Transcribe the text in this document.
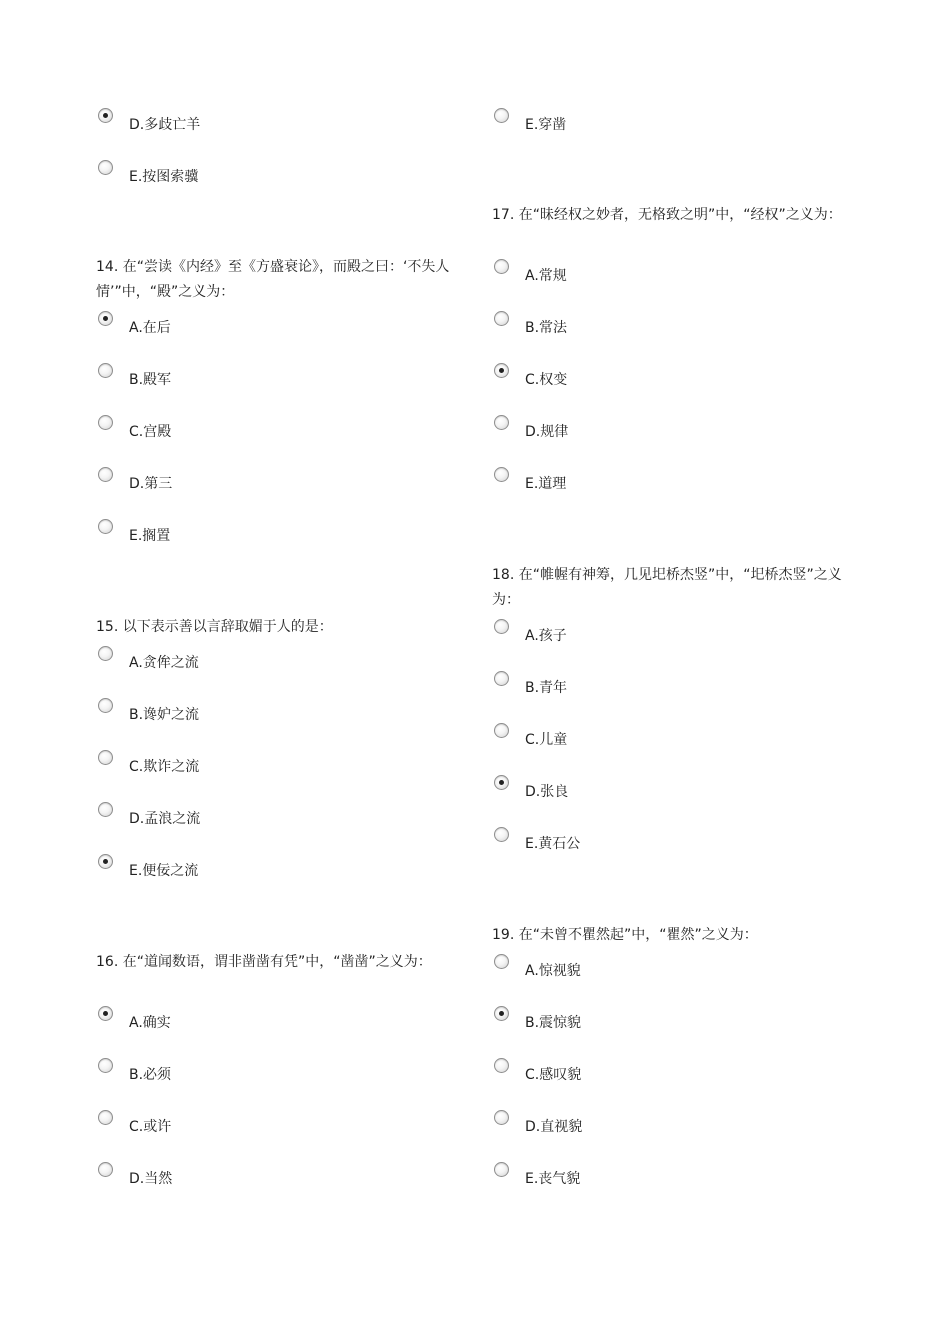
D.多歧亡羊
E.按图索骥
14. 在“尝读《内经》至《方盛衰论》，而殿之曰：‘不失人情’”中，“殿”之义为：
A.在后
B.殿军
C.宫殿
D.第三
E.搁置
15. 以下表示善以言辞取媚于人的是：
A.贪侔之流
B.谗妒之流
C.欺诈之流
D.孟浪之流
E.便佞之流
16. 在“道闻数语，谓非凿凿有凭”中，“凿凿”之义为：
A.确实
B.必须
C.或许
D.当然
E.穿凿
17. 在“昧经权之妙者，无格致之明”中，“经权”之义为：
A.常规
B.常法
C.权变
D.规律
E.道理
18. 在“帷幄有神筹，几见圯桥杰竖”中，“圯桥杰竖”之义为：
A.孩子
B.青年
C.儿童
D.张良
E.黄石公
19. 在“未曾不瞿然起”中，“瞿然”之义为：
A.惊视貌
B.震惊貌
C.感叹貌
D.直视貌
E.丧气貌
